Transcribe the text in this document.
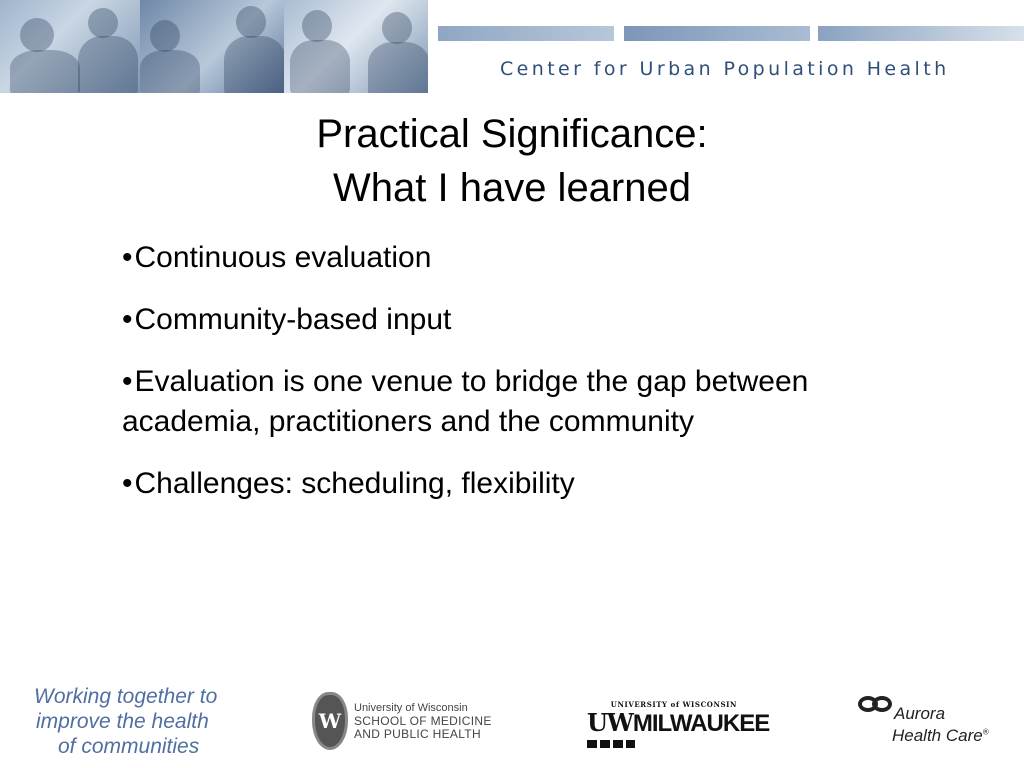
Center for Urban Population Health
Practical Significance:
What I have learned
•Continuous evaluation
•Community-based input
•Evaluation is one venue to bridge the gap between academia, practitioners and the community
•Challenges: scheduling, flexibility
Working together to
improve the health
of communities
W
University of Wisconsin
SCHOOL OF MEDICINE
AND PUBLIC HEALTH
UNIVERSITY of WISCONSIN
UWMILWAUKEE	Aurora
Health Care®
